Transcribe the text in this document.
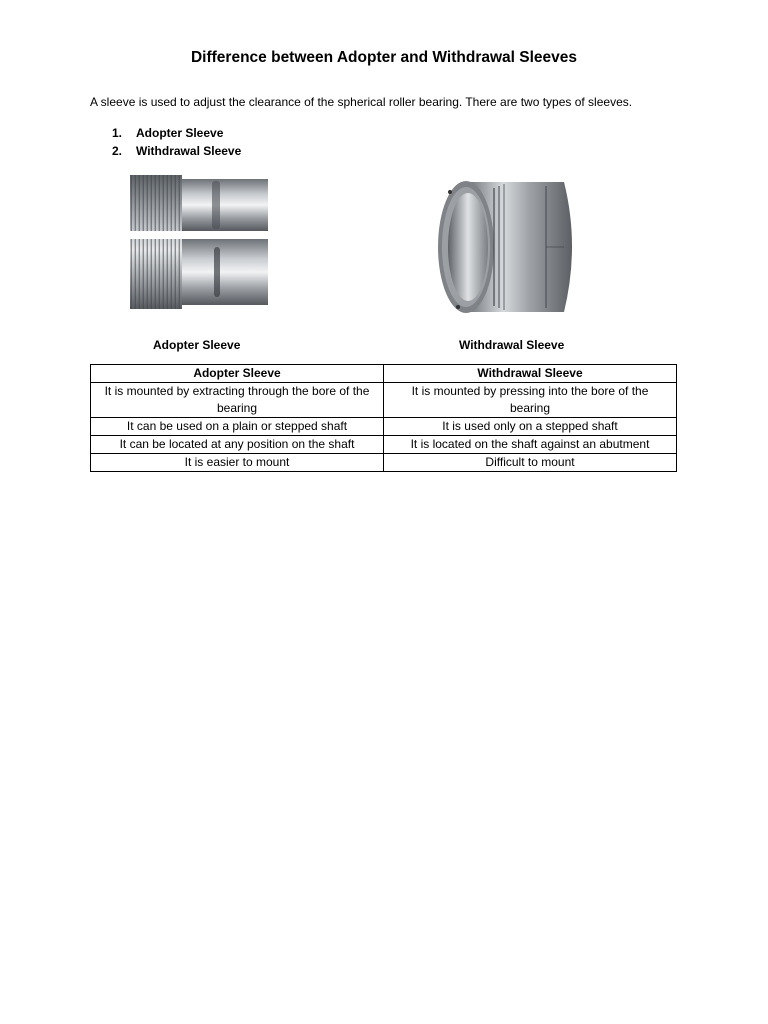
Difference between Adopter and Withdrawal Sleeves
A sleeve is used to adjust the clearance of the spherical roller bearing. There are two types of sleeves.
1. Adopter Sleeve
2. Withdrawal Sleeve
Adopter Sleeve	Withdrawal Sleeve
Adopter Sleeve	Withdrawal Sleeve
It is mounted by extracting through the bore of the bearing	It is mounted by pressing into the bore of the bearing
It can be used on a plain or stepped shaft	It is used only on a stepped shaft
It can be located at any position on the shaft	It is located on the shaft against an abutment
It is easier to mount	Difficult to mount
